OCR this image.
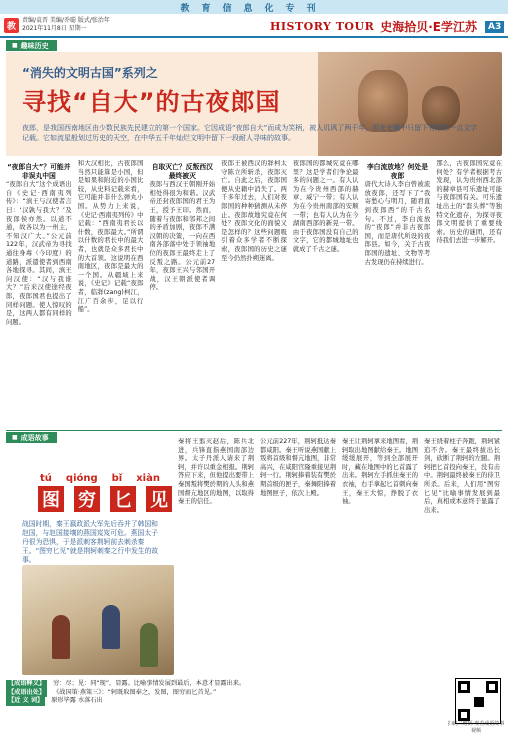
教育信息化专刊
教
责编/袁晋 美编/乔聪 版式/张治年
2021年11月8日 星期一	HISTORY TOUR 史海拾贝·E学江苏	A3
■ 趣味历史
“消失的文明古国”系列之
寻找“自大”的古夜郎国
夜郎，是我国西南地区由少数民族先民建立的第一个国家。它因成语“夜郎自大”而成为笑柄，被人讥讽了两千年，但在史籍中只留下有限的一点文字记载。它如流星般划过历史的天空，在中华五千年灿烂文明中留下一段耐人寻味的故事。
“夜郎自大”？可能并非误丸中国
“夜郎自大”这个成语出自《史记·西南夷列传》：“滇王与汉使者言曰：‘汉孰与我大？’及夜郎侯亦然。以道不通，故各以为一州主，不知汉广大。”公元前122年，汉武帝为寻找通往身毒（今印度）的道路，派遣使者到西南各地探寻。其间，滇王问汉使：“汉与我谁大？”后来汉使途经夜郎，夜郎国君也提出了同样问题。使人惊叹的是，这两人都有同样的问题。
和大汉相比，古夜郎国当然只能算是小国，但是如果和附近的小国比较，从史料记载来看，它可能并非什么弹丸小国。从势力上来说，《史记·西南夷列传》中记载：“西南夷君长以什数，夜郎最大。”所谓以什数的君长中的最大者，也就是众多君长中的大首领。这说明在西南地区，夜郎是最大的一个国。从疆域上来说，《史记》记载“夜郎者，临牂(zang)柯江，江广百余步，足以行船”。
自取灭亡？反叛西汉最终被灭
夜郎与西汉王朝刚开始相处得很为和谐。汉武帝还封夜郎国的君王为王，授予王印。然而，随着与夜郎和邻邦之间的矛盾加剧，夜郎不满汉朝的决策，一向在西南各部落中处于领袖地位的夜郎王最终走上了反叛之路。公元前27年，夜郎王兴与邻国开战，汉王朝派使者调停。
夜郎王被西汉的牂柯太守陈立所斩杀，夜郎灭亡。自此之后，夜郎国便从史籍中消失了。两千多年过去，人们对夜郎国的种种猜测从未停止。夜郎故地究竟在何处？夜郎文化的面貌又是怎样的？这些问题吸引着众多学者不断探索，夜郎国的历史之谜至今仍然扑朔迷离。
夜郎国的都城究竟在哪里？这是学者们争论最多的问题之一。有人认为在今贵州西部的赫章、威宁一带；有人认为在今贵州南部的安顺一带；也有人认为在今湖南西部的新晃一带。由于夜郎国没有自己的文字，它的都城地址也就成了千古之谜。
李白流放地？何处是夜郎
唐代大诗人李白曾被流放夜郎，还写下了“我寄愁心与明月，随君直到夜郎西”的千古名句。不过，李白流放的“夜郎”并非古夜郎国，而是唐代所设的夜郎县。如今，关于古夜郎国的遗址、文物等考古发现仍在持续进行。
那么，古夜郎国究竟在何处？有学者根据考古发现，认为贵州西北部的赫章县可乐遗址可能与夜郎国有关。可乐遗址出土的“套头葬”等独特文化遗存，为探寻夜郎文明提供了重要线索。历史的谜团，还有待我们去进一步解开。
■ 成语故事
tú qióng bǐ xiàn
图 穷 匕 见
战国时期，秦王嬴政派大军先后吞并了韩国和赵国，与赵国接壤的燕国岌岌可危。燕国太子丹很为恐惧，于是派刺客荆轲前去刺杀秦王。“图穷匕见”就是荆轲刺秦之行中发生的故事。
秦将王翦灭赵后，陈兵北进，兵锋直指燕国南部边界。太子丹派人请来了荆轲，并许以重金相报。荆轲答应下来，但他提出要带上秦国叛将樊於期的人头和燕国督亢地区的地图，以取得秦王的信任。
公元前227年，荆轲抵达秦都咸阳。秦王听说燕国献上叛将首级和督亢地图，非常高兴，在咸阳宫隆重接见荆轲一行。荆轲捧着装有樊於期首级的匣子，秦舞阳捧着地图匣子，依次上殿。
秦王让荆轲拿来地图看，荆轲取出地图献给秦王。地图缓缓展开，等到全部展开时，藏在地图中的匕首露了出来。荆轲左手抓住秦王的衣袖，右手拿起匕首刺向秦王，秦王大惊，挣脱了衣袖。
秦王绕着柱子奔跑，荆轲紧追不舍。秦王最终拔出长剑，砍断了荆轲的左腿。荆轲把匕首投向秦王，没有击中。荆轲最终被秦王的侍卫所杀。后来，人们用“图穷匕见”比喻事情发展到最后，真相或本意终于显露了出来。
【成语释义】	穷：尽；见：同“现”，显露。比喻事情发展到最后，本意才显露出来。
【成语出处】	《战国策·燕策三》：“轲既取图奉之，发图，图穷而匕首见。”
【近 义 词】	原形毕露 水落石出
扫码二维码 观看成语故事视频
